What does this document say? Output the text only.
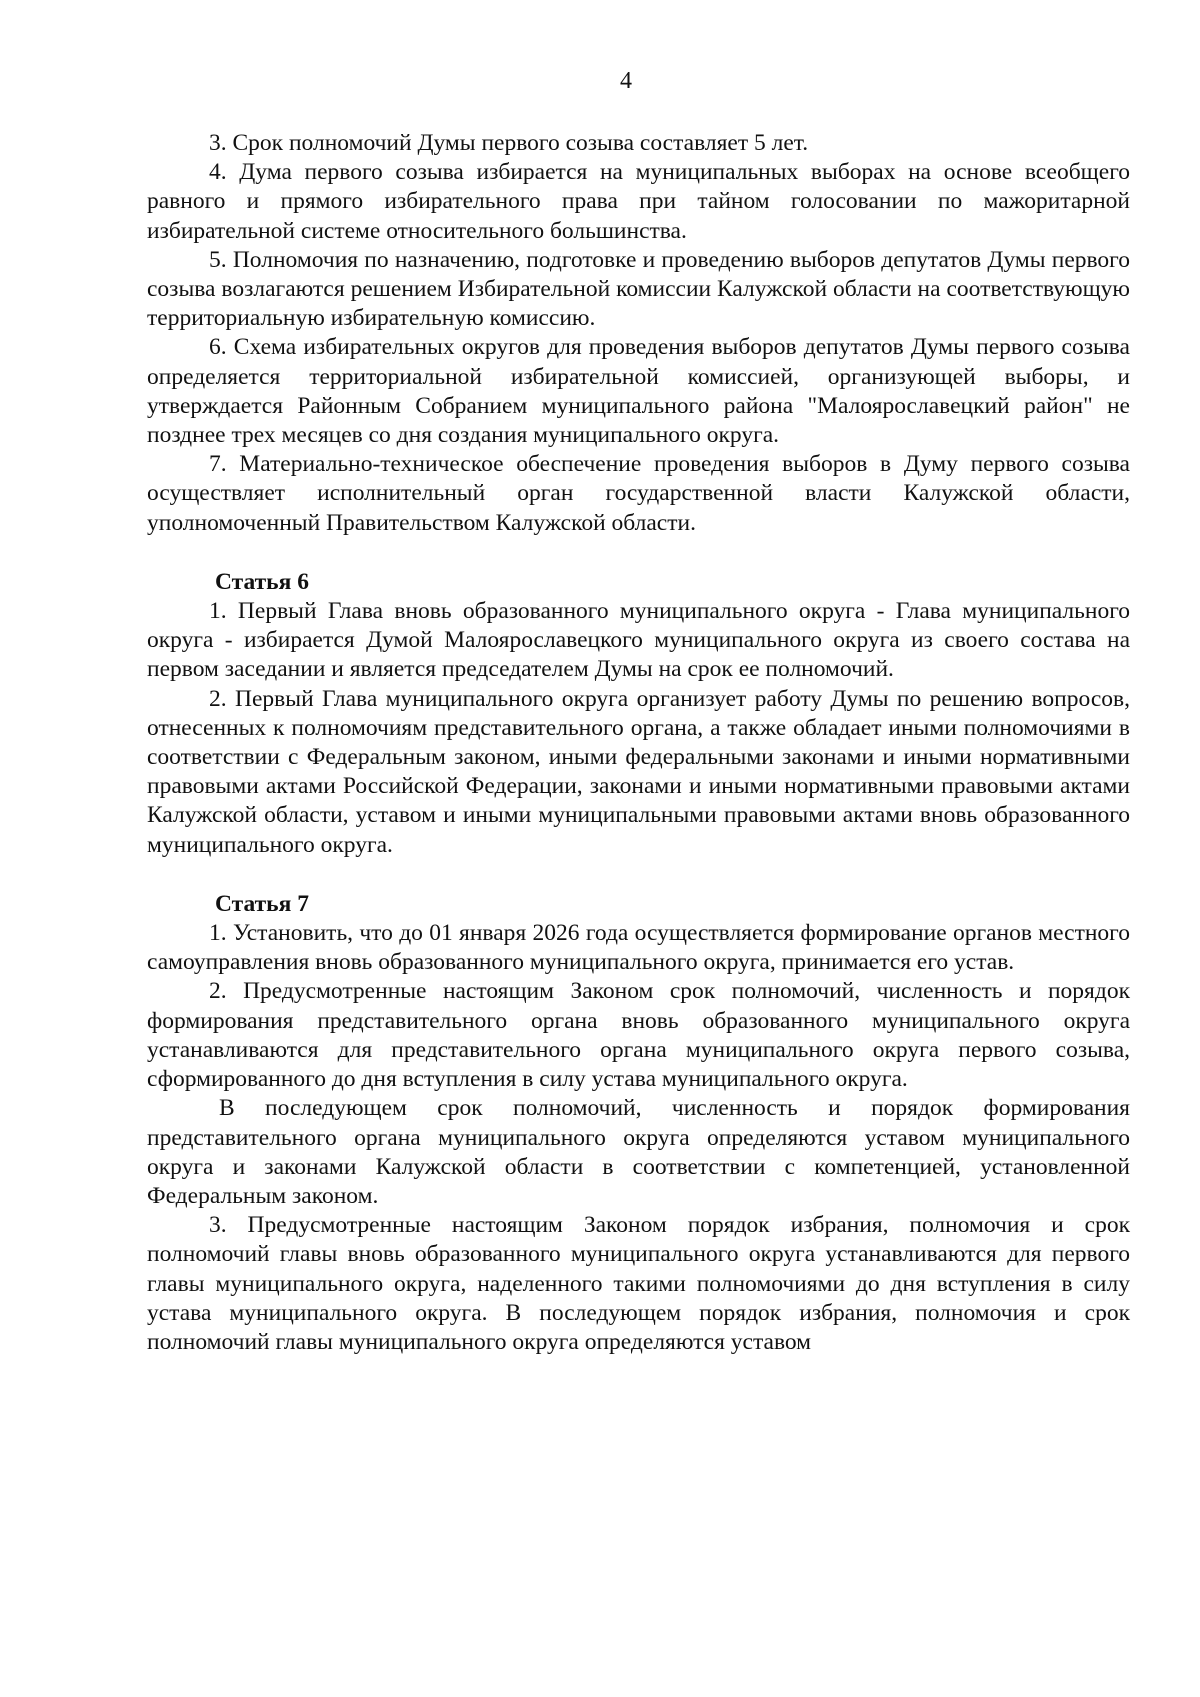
4

3. Срок полномочий Думы первого созыва составляет 5 лет.

4. Дума первого созыва избирается на муниципальных выборах на основе всеобщего равного и прямого избирательного права при тайном голосовании по мажоритарной избирательной системе относительного большинства.

5. Полномочия по назначению, подготовке и проведению выборов депутатов Думы первого созыва возлагаются решением Избирательной комиссии Калужской области на соответствующую территориальную избирательную комиссию.

6. Схема избирательных округов для проведения выборов депутатов Думы первого созыва определяется территориальной избирательной комиссией, организующей выборы, и утверждается Районным Собранием муниципального района "Малоярославецкий район" не позднее трех месяцев со дня создания муниципального округа.

7. Материально-техническое обеспечение проведения выборов в Думу первого созыва осуществляет исполнительный орган государственной власти Калужской области, уполномоченный Правительством Калужской области.

Статья 6

1. Первый Глава вновь образованного муниципального округа - Глава муниципального округа - избирается Думой Малоярославецкого муниципального округа из своего состава на первом заседании и является председателем Думы на срок ее полномочий.

2. Первый Глава муниципального округа организует работу Думы по решению вопросов, отнесенных к полномочиям представительного органа, а также обладает иными полномочиями в соответствии с Федеральным законом, иными федеральными законами и иными нормативными правовыми актами Российской Федерации, законами и иными нормативными правовыми актами Калужской области, уставом и иными муниципальными правовыми актами вновь образованного муниципального округа.

Статья 7

1. Установить, что до 01 января 2026 года осуществляется формирование органов местного самоуправления вновь образованного муниципального округа, принимается его устав.

2. Предусмотренные настоящим Законом срок полномочий, численность и порядок формирования представительного органа вновь образованного муниципального округа устанавливаются для представительного органа муниципального округа первого созыва, сформированного до дня вступления в силу устава муниципального округа.

В последующем срок полномочий, численность и порядок формирования представительного органа муниципального округа определяются уставом муниципального округа и законами Калужской области в соответствии с компетенцией, установленной Федеральным законом.

3. Предусмотренные настоящим Законом порядок избрания, полномочия и срок полномочий главы вновь образованного муниципального округа устанавливаются для первого главы муниципального округа, наделенного такими полномочиями до дня вступления в силу устава муниципального округа. В последующем порядок избрания, полномочия и срок полномочий главы муниципального округа определяются уставом
